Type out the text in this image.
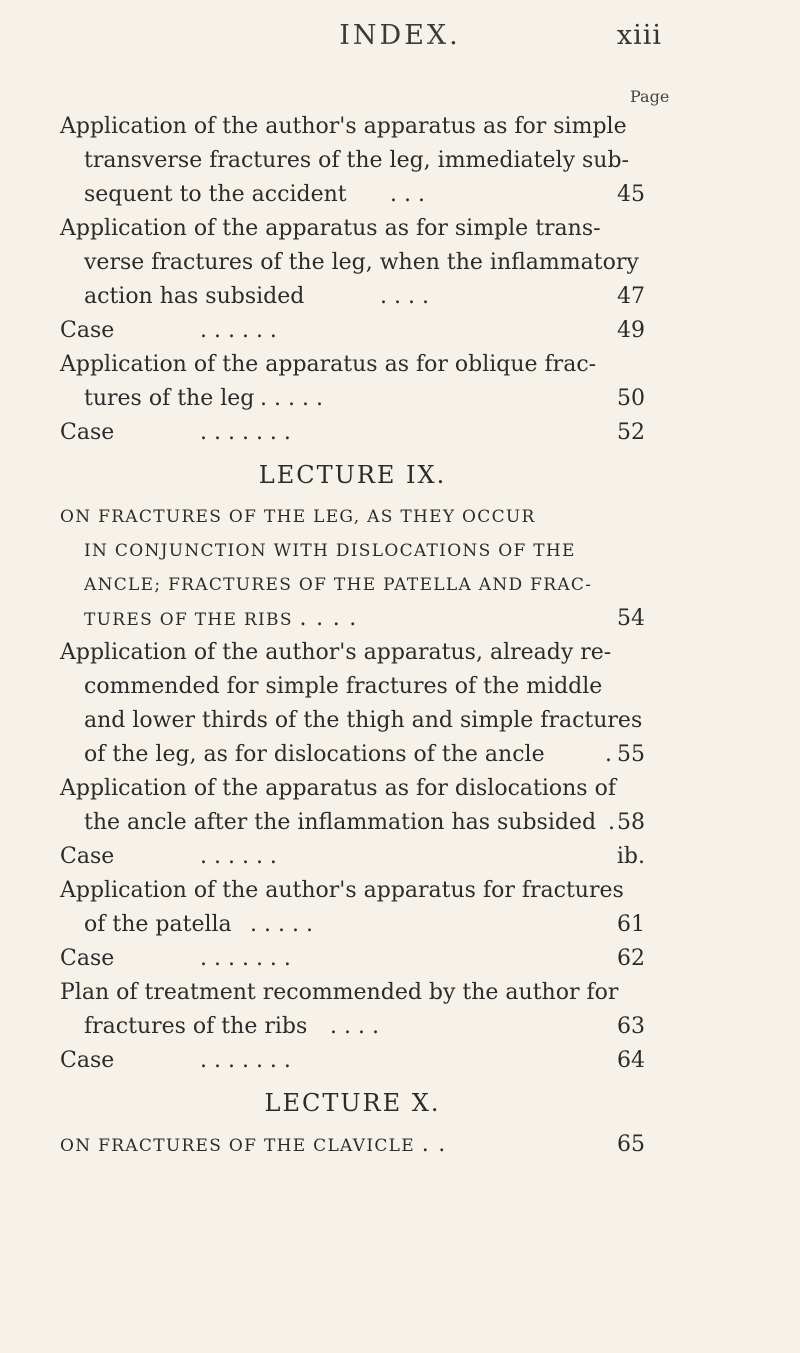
INDEX.	xiii
Page
Application of the author's apparatus as for simple
transverse fractures of the leg, immediately sub-
sequent to the accident . . .	45
Application of the apparatus as for simple trans-
verse fractures of the leg, when the inflammatory
action has subsided	. . . .	47
Case	. . . . . .	49
Application of the apparatus as for oblique frac-
tures of the leg . . . . .	50
Case	. . . . . . .	52
LECTURE IX.
ON FRACTURES OF THE LEG, AS THEY OCCUR
IN CONJUNCTION WITH DISLOCATIONS OF THE
ANCLE; FRACTURES OF THE PATELLA AND FRAC-
TURES OF THE RIBS . . . .	54
Application of the author's apparatus, already re-
commended for simple fractures of the middle
and lower thirds of the thigh and simple fractures
of the leg, as for dislocations of the ancle	. 55
Application of the apparatus as for dislocations of
the ancle after the inflammation has subsided . 58
Case	. . . . . .	ib.
Application of the author's apparatus for fractures
of the patella . . . . .	61
Case	. . . . . . .	62
Plan of treatment recommended by the author for
fractures of the ribs . . . .	63
Case	. . . . . . .	64
LECTURE X.
ON FRACTURES OF THE CLAVICLE . .	65
